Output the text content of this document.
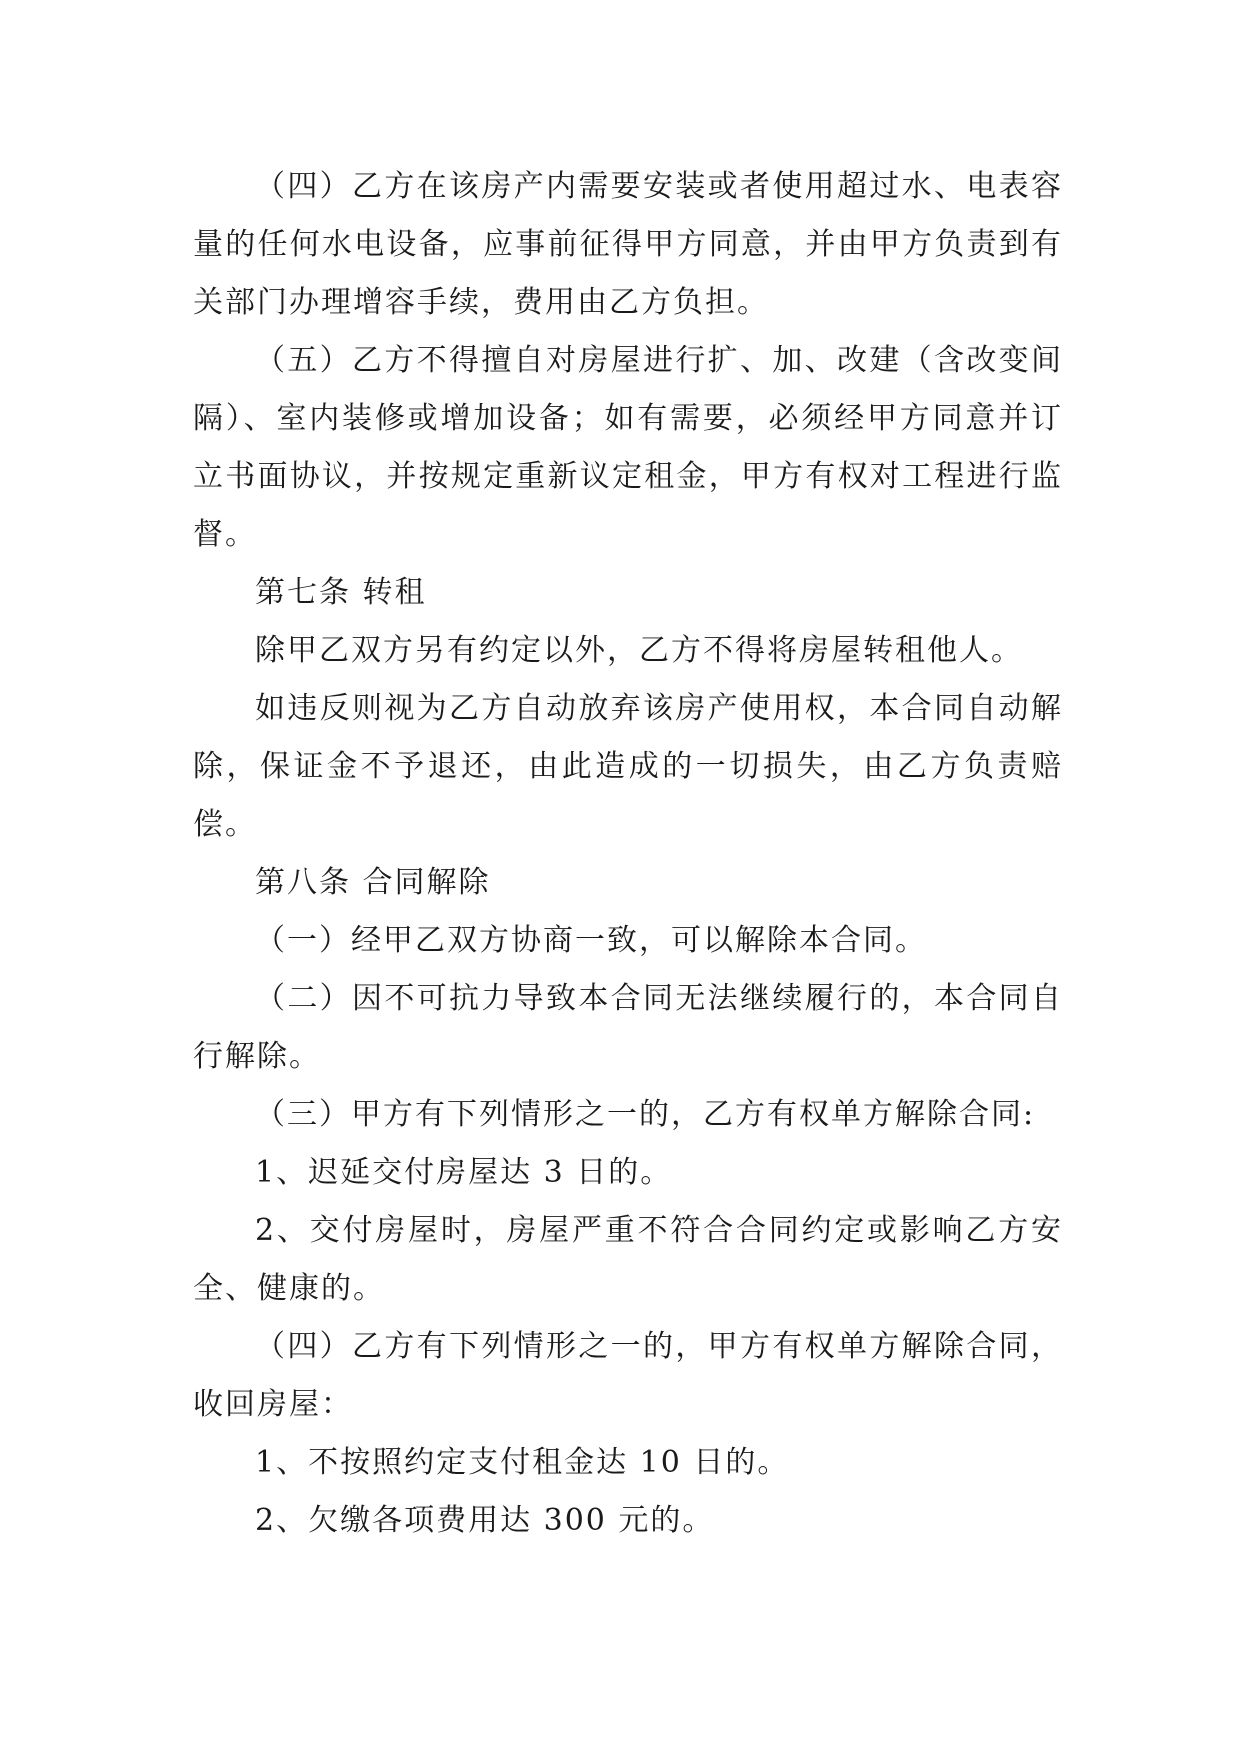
（四）乙方在该房产内需要安装或者使用超过水、电表容量的任何水电设备，应事前征得甲方同意，并由甲方负责到有关部门办理增容手续，费用由乙方负担。

（五）乙方不得擅自对房屋进行扩、加、改建（含改变间隔）、室内装修或增加设备；如有需要，必须经甲方同意并订立书面协议，并按规定重新议定租金，甲方有权对工程进行监督。

第七条 转租

除甲乙双方另有约定以外，乙方不得将房屋转租他人。

如违反则视为乙方自动放弃该房产使用权，本合同自动解除，保证金不予退还，由此造成的一切损失，由乙方负责赔偿。

第八条 合同解除

（一）经甲乙双方协商一致，可以解除本合同。

（二）因不可抗力导致本合同无法继续履行的，本合同自行解除。

（三）甲方有下列情形之一的，乙方有权单方解除合同:

1、迟延交付房屋达 3 日的。

2、交付房屋时，房屋严重不符合合同约定或影响乙方安全、健康的。

（四）乙方有下列情形之一的，甲方有权单方解除合同，收回房屋：

1、不按照约定支付租金达 10 日的。

2、欠缴各项费用达 300 元的。
